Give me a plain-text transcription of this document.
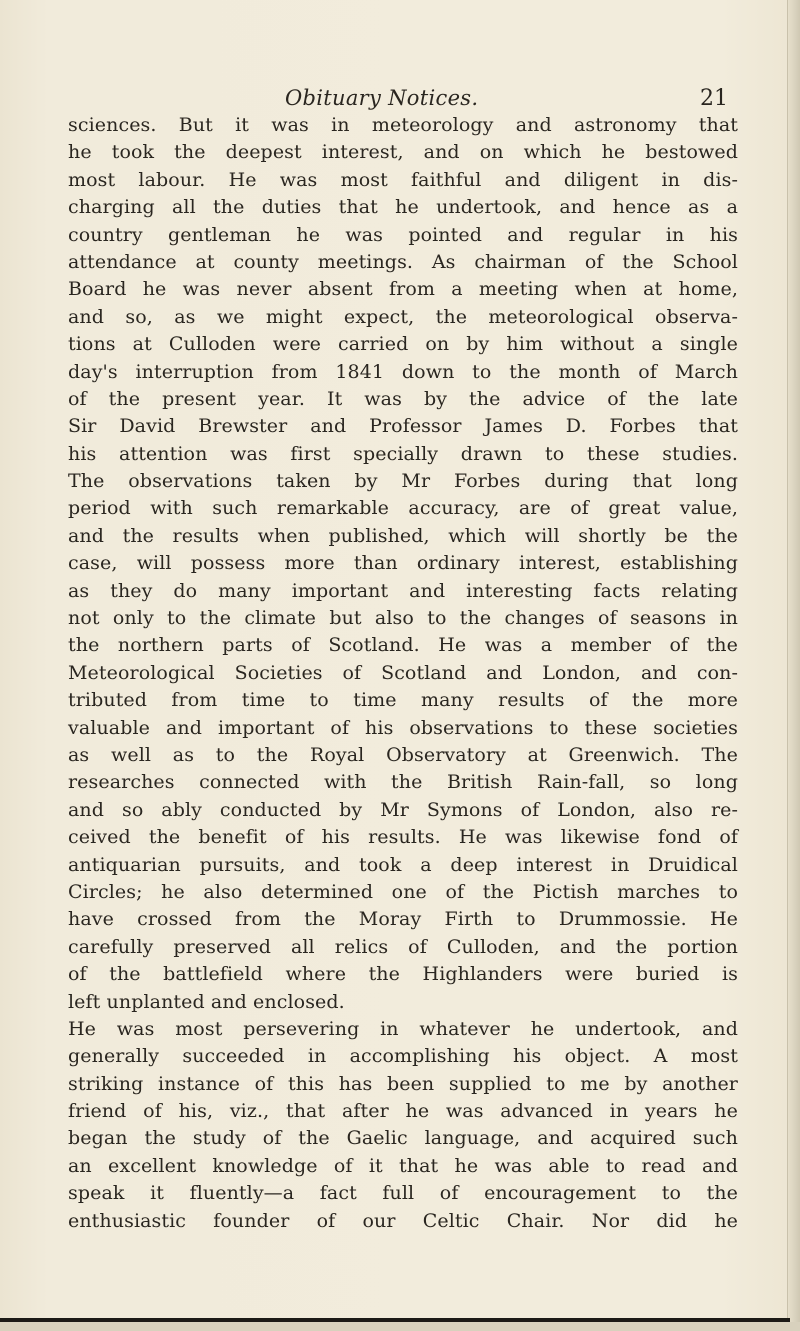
Obituary Notices.	21
sciences. But it was in meteorology and astronomy that
he took the deepest interest, and on which he bestowed
most labour. He was most faithful and diligent in dis-
charging all the duties that he undertook, and hence as a
country gentleman he was pointed and regular in his
attendance at county meetings. As chairman of the School
Board he was never absent from a meeting when at home,
and so, as we might expect, the meteorological observa-
tions at Culloden were carried on by him without a single
day's interruption from 1841 down to the month of March
of the present year. It was by the advice of the late
Sir David Brewster and Professor James D. Forbes that
his attention was first specially drawn to these studies.
The observations taken by Mr Forbes during that long
period with such remarkable accuracy, are of great value,
and the results when published, which will shortly be the
case, will possess more than ordinary interest, establishing
as they do many important and interesting facts relating
not only to the climate but also to the changes of seasons in
the northern parts of Scotland. He was a member of the
Meteorological Societies of Scotland and London, and con-
tributed from time to time many results of the more
valuable and important of his observations to these societies
as well as to the Royal Observatory at Greenwich. The
researches connected with the British Rain-fall, so long
and so ably conducted by Mr Symons of London, also re-
ceived the benefit of his results. He was likewise fond of
antiquarian pursuits, and took a deep interest in Druidical
Circles; he also determined one of the Pictish marches to
have crossed from the Moray Firth to Drummossie. He
carefully preserved all relics of Culloden, and the portion
of the battlefield where the Highlanders were buried is
left unplanted and enclosed.
He was most persevering in whatever he undertook, and
generally succeeded in accomplishing his object. A most
striking instance of this has been supplied to me by another
friend of his, viz., that after he was advanced in years he
began the study of the Gaelic language, and acquired such
an excellent knowledge of it that he was able to read and
speak it fluently—a fact full of encouragement to the
enthusiastic founder of our Celtic Chair. Nor did he
